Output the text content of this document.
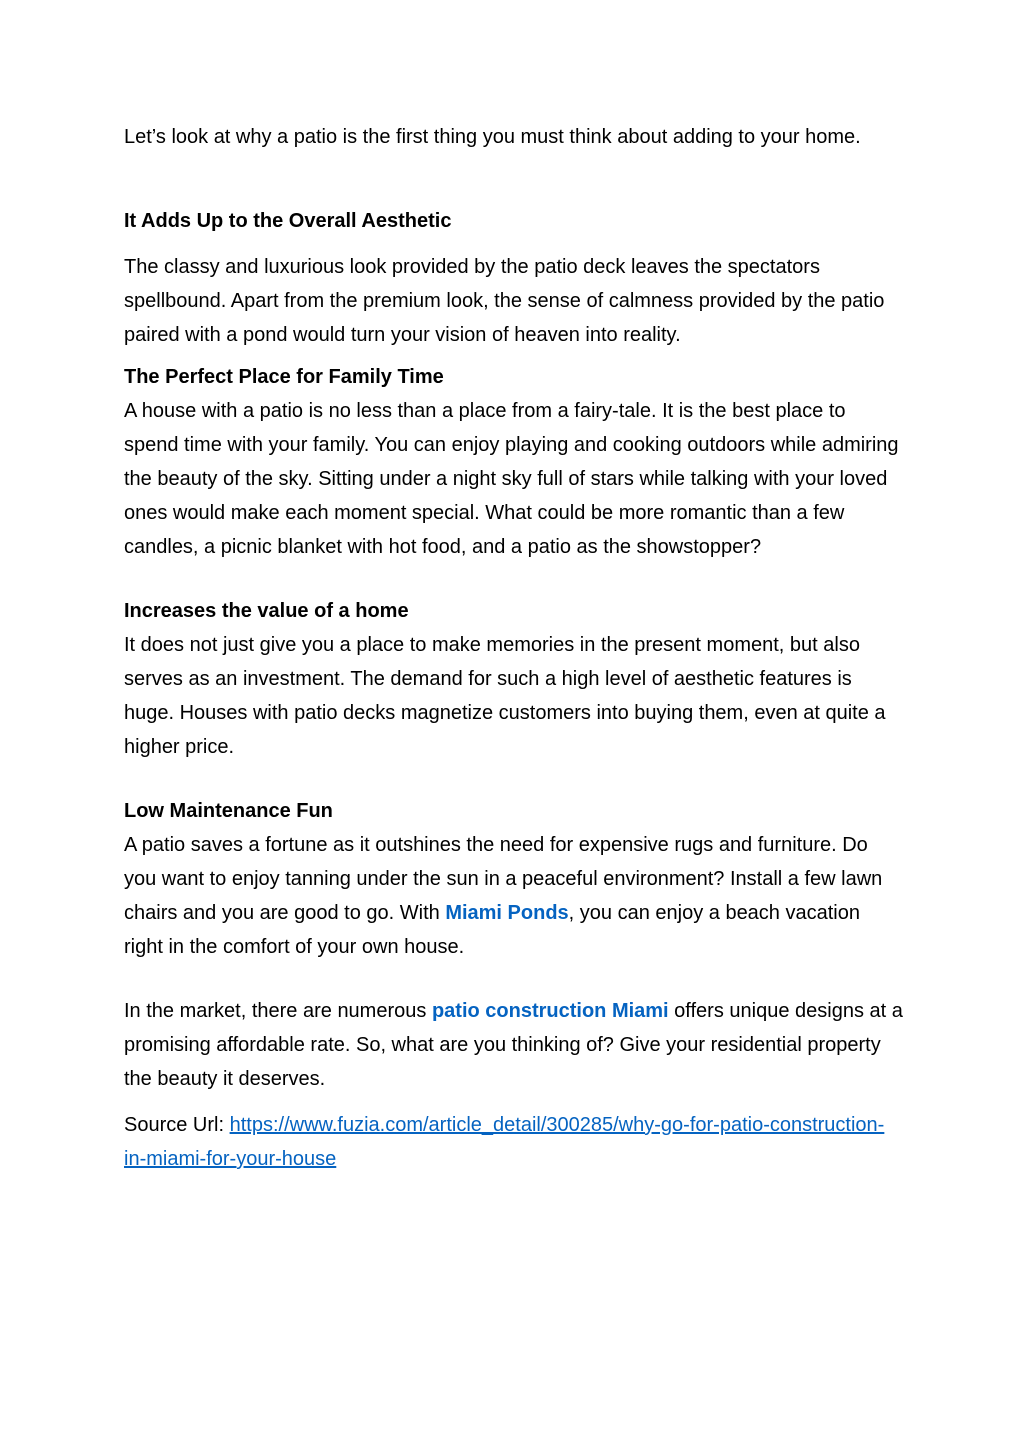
Let’s look at why a patio is the first thing you must think about adding to your home.

It Adds Up to the Overall Aesthetic

The classy and luxurious look provided by the patio deck leaves the spectators spellbound. Apart from the premium look, the sense of calmness provided by the patio paired with a pond would turn your vision of heaven into reality.

The Perfect Place for Family Time

A house with a patio is no less than a place from a fairy-tale. It is the best place to spend time with your family. You can enjoy playing and cooking outdoors while admiring the beauty of the sky. Sitting under a night sky full of stars while talking with your loved ones would make each moment special. What could be more romantic than a few candles, a picnic blanket with hot food, and a patio as the showstopper?

Increases the value of a home

It does not just give you a place to make memories in the present moment, but also serves as an investment. The demand for such a high level of aesthetic features is huge. Houses with patio decks magnetize customers into buying them, even at quite a higher price.

Low Maintenance Fun

A patio saves a fortune as it outshines the need for expensive rugs and furniture. Do you want to enjoy tanning under the sun in a peaceful environment? Install a few lawn chairs and you are good to go. With Miami Ponds, you can enjoy a beach vacation right in the comfort of your own house.

In the market, there are numerous patio construction Miami offers unique designs at a promising affordable rate. So, what are you thinking of? Give your residential property the beauty it deserves.

Source Url: https://www.fuzia.com/article_detail/300285/why-go-for-patio-construction-in-miami-for-your-house
